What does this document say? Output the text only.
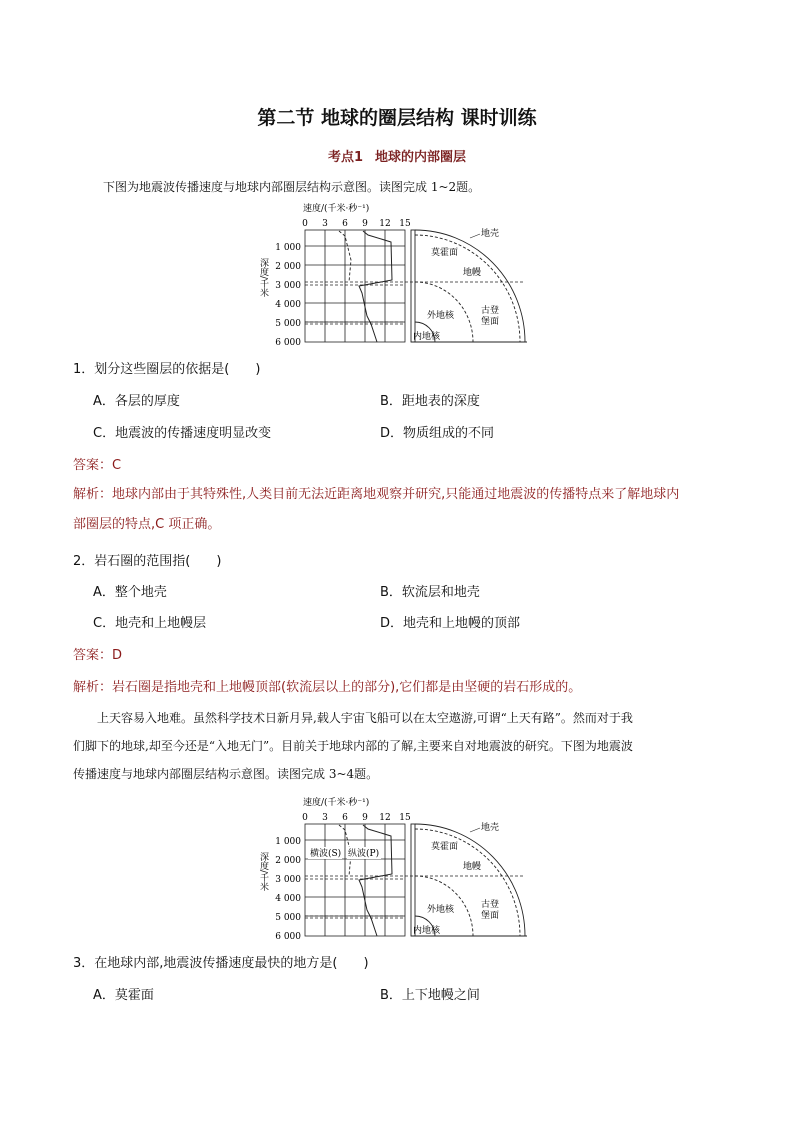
第二节 地球的圈层结构 课时训练
考点1 地球的内部圈层
下图为地震波传播速度与地球内部圈层结构示意图。读图完成 1~2题。
速度/(千米·秒⁻¹)
0 3 6 9 12 15
1 000
2 000
3 000
4 000
5 000
6 000
深度/千米
地壳
莫霍面
地幔
外地核	古登
堡面
内地核
1．划分这些圈层的依据是(　　)
A．各层的厚度	B．距地表的深度
C．地震波的传播速度明显改变	D．物质组成的不同
答案：C
解析：地球内部由于其特殊性,人类目前无法近距离地观察并研究,只能通过地震波的传播特点来了解地球内
部圈层的特点,C 项正确。
2．岩石圈的范围指(　　)
A．整个地壳	B．软流层和地壳
C．地壳和上地幔层	D．地壳和上地幔的顶部
答案：D
解析：岩石圈是指地壳和上地幔顶部(软流层以上的部分),它们都是由坚硬的岩石形成的。
上天容易入地难。虽然科学技术日新月异,载人宇宙飞船可以在太空遨游,可谓“上天有路”。然而对于我
们脚下的地球,却至今还是“入地无门”。目前关于地球内部的了解,主要来自对地震波的研究。下图为地震波
传播速度与地球内部圈层结构示意图。读图完成 3~4题。
速度/(千米·秒⁻¹)
0 3 6 9 12 15
1 000
2 000
3 000
4 000
5 000
6 000
深度/千米	横波(S) 纵波(P)
地壳
莫霍面
地幔
外地核	古登
堡面
内地核
3．在地球内部,地震波传播速度最快的地方是(　　)
A．莫霍面	B．上下地幔之间
